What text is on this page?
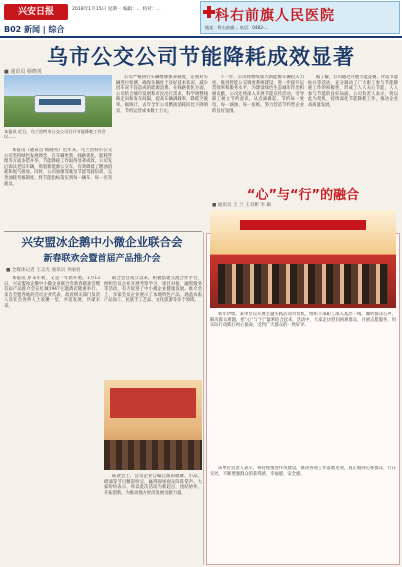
兴安日报	2018年1月15日 星期一 编辑：... 校对：...
B02 新闻 | 综合
科右前旗人民医院
地址：科右前旗... 电话：0482-...
乌市公交公司节能降耗成效显著
■ 通讯员 杨晓英
本报讯 近日，乌兰浩特市公交公司召开节能降耗工作会议……
本报讯（通讯员 杨晓英）近年来，乌兰浩特市公交公司坚持绿色发展理念，在车辆更新、线路优化、能耗管理等方面多措并举，节能降耗工作取得显著成效。公司先后淘汰老旧车辆，购置新能源公交车，有效降低了燃油消耗和尾气排放。同时，公司加强驾驶员节能驾驶培训，完善油耗考核制度，将节能指标落实到每一辆车、每一名驾驶员。
公司严格执行车辆维修保养制度，定期对车辆进行检测，确保车辆处于良好技术状况，减少因车况不良造成的能源浪费。在线路优化方面，公司结合城市发展和市民出行需求，科学调整线路走向和发车间隔，提高车辆满载率，降低空驶率。据统计，去年全年公司燃油消耗同比下降明显，节约运营成本数十万元。
下一步，公司将继续加大新能源车辆投入力度，推进智能公交调度系统建设，进一步提升运营效率和服务水平，为建设绿色生态城市作出积极贡献。公司还将深入开展节能宣传活动，引导职工树立节约意识，从点滴做起，节约每一度电、每一滴油、每一张纸，努力营造节约型企业的良好氛围。
据了解，公司通过开展节能竞赛、评选节能标兵等活动，充分调动了广大职工参与节能降耗工作的积极性，形成了人人关心节能、人人参与节能的良好局面。公司负责人表示，将以此为契机，持续深化节能降耗工作，推动企业高质量发展。
兴安盟冰企鹅中小微企业联合会
新春联欢会暨首届产品推介会
■ 全媒体记者 王志光 通讯员 李丽君
本报讯 岁末年初，又是一年新开始。1月13日，兴安盟冰企鹅中小微企业联合会新春联欢会暨首届产品推介会在红城1947主题酒店隆重举行。来自全盟各地的会员企业代表、政府相关部门负责人及社会各界人士欢聚一堂，共话发展，共谋未来。
联合会自成立以来，积极搭建交流合作平台，组织会员企业开展考察学习、项目对接、融资服务等活动，有力促进了中小微企业健康发展。推介会上，多家会员企业展示了本地特色产品，涵盖农畜产品加工、民族手工艺品、文化旅游等多个领域。
联欢会上，会员企业自编自演的歌舞、小品、朗诵等节目精彩纷呈，赢得现场观众阵阵掌声。大家纷纷表示，将以此次活动为新起点，团结协作，开拓创新，为推动地方经济发展贡献力量。
“心”与“行”的融合
■ 通讯员 王 兰 王双彬 李 颖
新年伊始，某单位以开展主题实践活动为契机，组织干部职工深入基层一线，倾听群众心声，解决群众难题，把“心”与“行”紧密结合起来。活动中，大家走访慰问困难群众，开展志愿服务，用实际行动践行初心使命，受到广大群众的一致好评。
该单位负责人表示，将持续推进作风建设，推动各项工作落地见效，真正做到心系群众、行在实处，不断增强群众的获得感、幸福感、安全感。
